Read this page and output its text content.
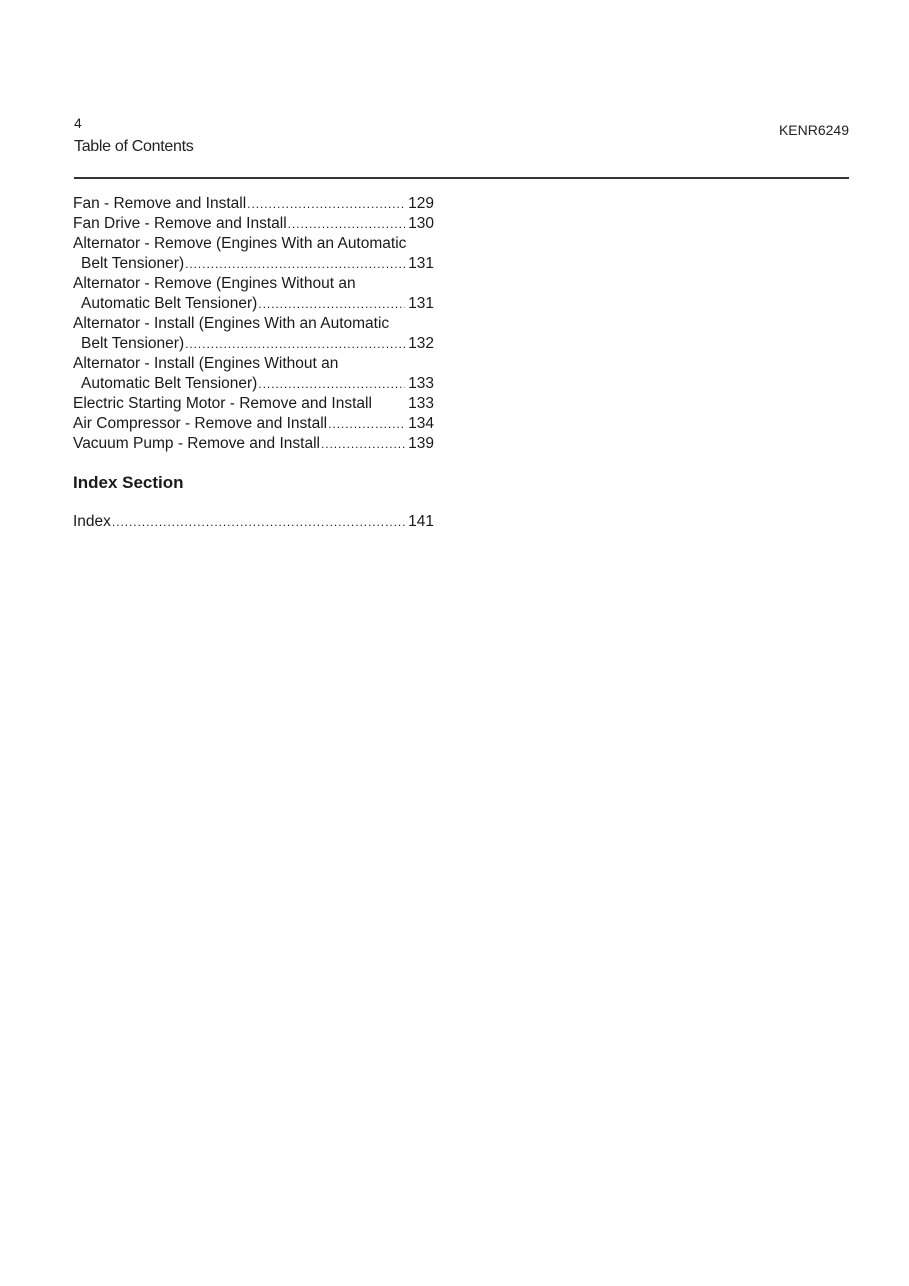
4
Table of Contents
KENR6249
Fan - Remove and Install . . .	129
Fan Drive - Remove and Install . . .	130
Alternator - Remove (Engines With an Automatic
Belt Tensioner) . . .	131
Alternator - Remove (Engines Without an
Automatic Belt Tensioner) . . .	131
Alternator - Install (Engines With an Automatic
Belt Tensioner) . . .	132
Alternator - Install (Engines Without an
Automatic Belt Tensioner) . . .	133
Electric Starting Motor - Remove and Install 133
Air Compressor - Remove and Install . . .	134
Vacuum Pump - Remove and Install . . .	139
Index Section
Index . . .	141
